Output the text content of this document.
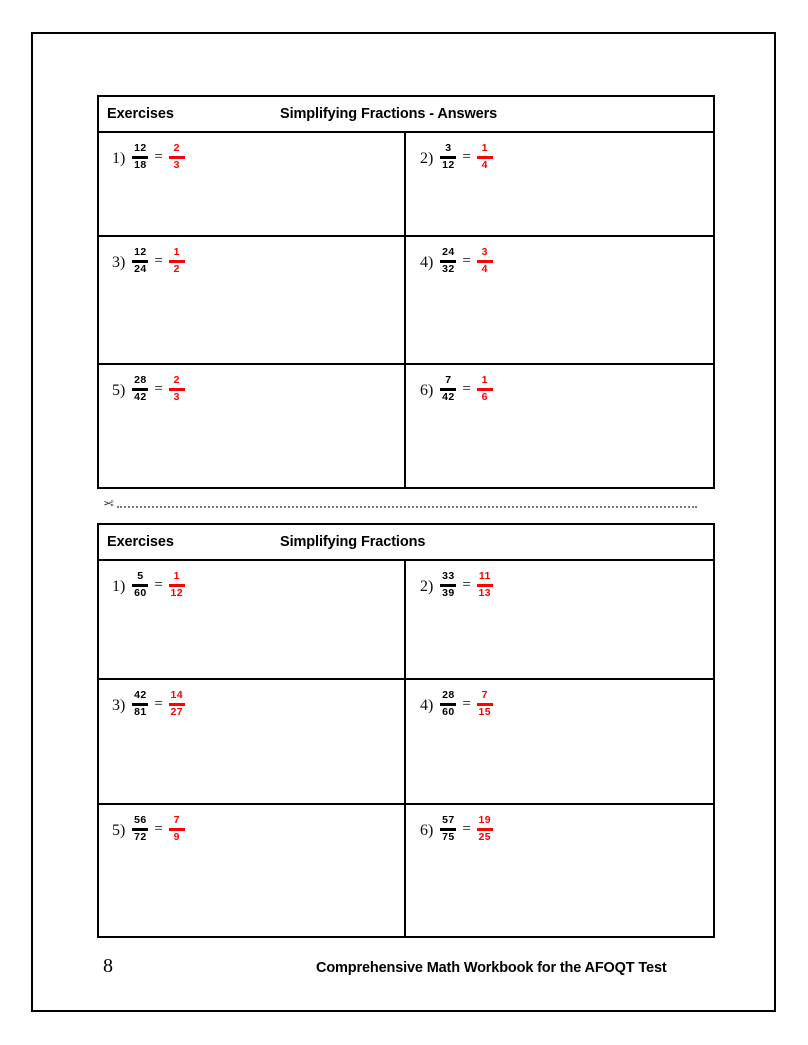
Exercises	Simplifying Fractions - Answers
$1) \frac{12}{18} = \frac{2}{3}$	$2) \frac{3}{12} = \frac{1}{4}$
$3) \frac{12}{24} = \frac{1}{2}$	$4) \frac{24}{32} = \frac{3}{4}$
$5) \frac{28}{42} = \frac{2}{3}$	$6) \frac{7}{42} = \frac{1}{6}$
✂
Exercises	Simplifying Fractions
$1) \frac{5}{60} = \frac{1}{12}$	$2) \frac{33}{39} = \frac{11}{13}$
$3) \frac{42}{81} = \frac{14}{27}$	$4) \frac{28}{60} = \frac{7}{15}$
$5) \frac{56}{72} = \frac{7}{9}$	$6) \frac{57}{75} = \frac{19}{25}$
8	Comprehensive Math Workbook for the AFOQT Test
